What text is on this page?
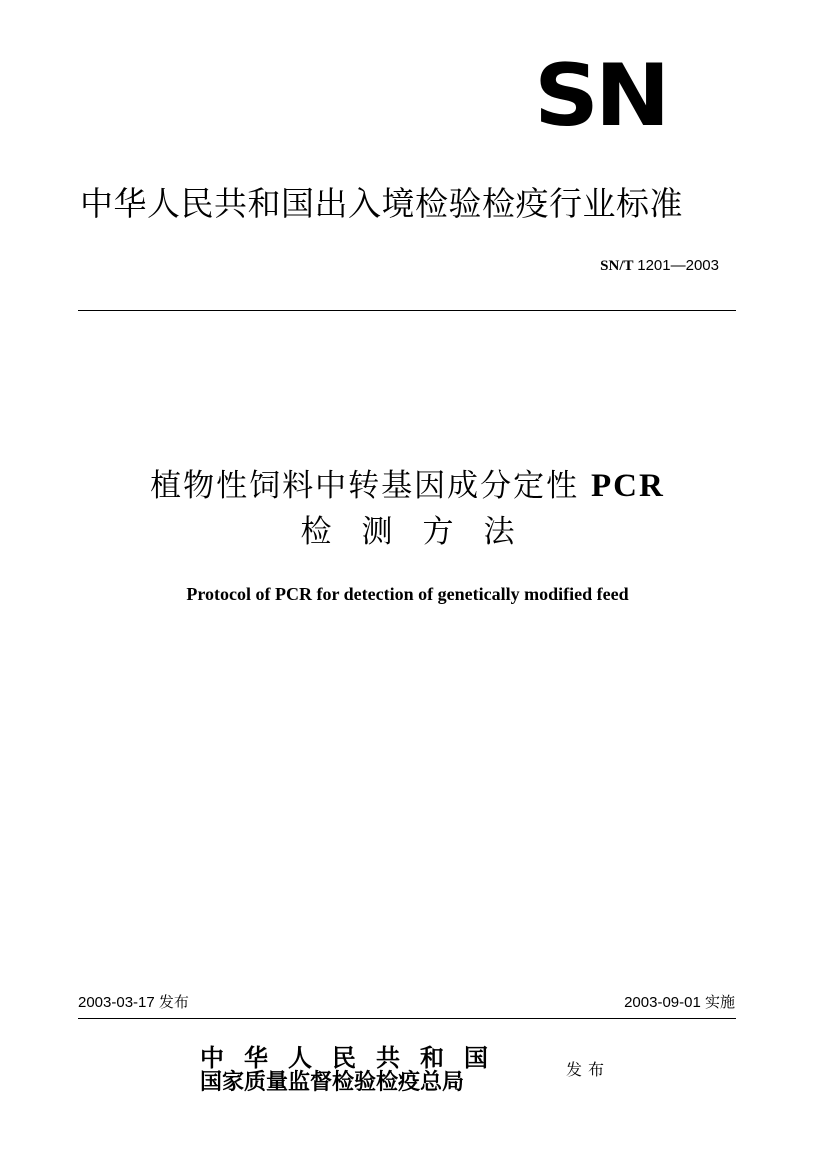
SN
中华人民共和国出入境检验检疫行业标准
SN/T 1201—2003
植物性饲料中转基因成分定性 PCR
检测方法
Protocol of PCR for detection of genetically modified feed
2003-03-17 发布	2003-09-01 实施
中华人民共和国
国家质量监督检验检疫总局	发布
